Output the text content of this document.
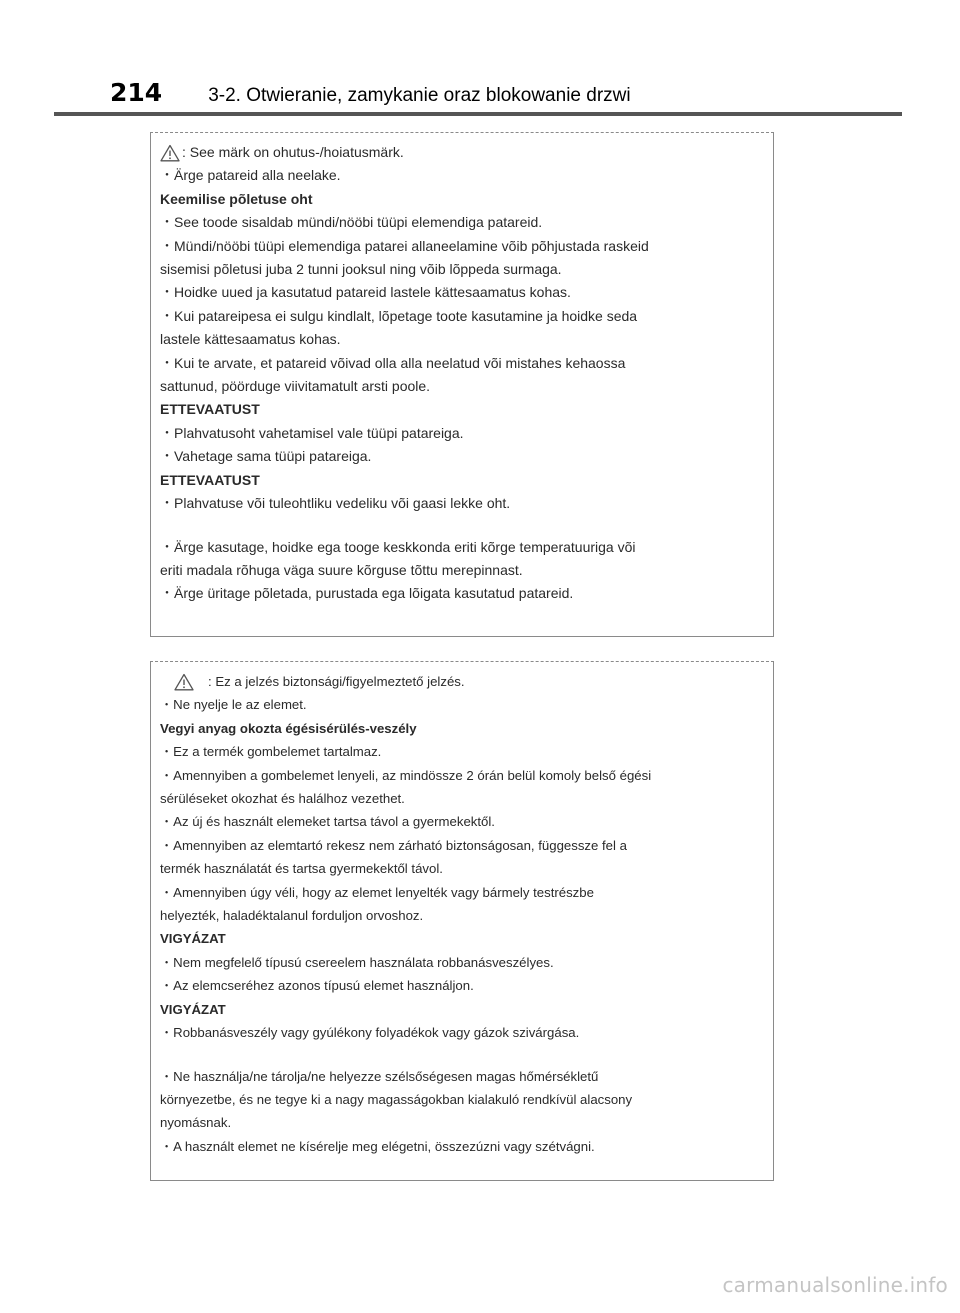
214 3-2. Otwieranie, zamykanie oraz blokowanie drzwi
: See märk on ohutus-/hoiatusmärk.
・Ärge patareid alla neelake.
Keemilise põletuse oht
・See toode sisaldab mündi/nööbi tüüpi elemendiga patareid.
・Mündi/nööbi tüüpi elemendiga patarei allaneelamine võib põhjustada raskeid
sisemisi põletusi juba 2 tunni jooksul ning võib lõppeda surmaga.
・Hoidke uued ja kasutatud patareid lastele kättesaamatus kohas.
・Kui patareipesa ei sulgu kindlalt, lõpetage toote kasutamine ja hoidke seda
lastele kättesaamatus kohas.
・Kui te arvate, et patareid võivad olla alla neelatud või mistahes kehaossa
sattunud, pöörduge viivitamatult arsti poole.
ETTEVAATUST
・Plahvatusoht vahetamisel vale tüüpi patareiga.
・Vahetage sama tüüpi patareiga.
ETTEVAATUST
・Plahvatuse või tuleohtliku vedeliku või gaasi lekke oht.
・Ärge kasutage, hoidke ega tooge keskkonda eriti kõrge temperatuuriga või
eriti madala rõhuga väga suure kõrguse tõttu merepinnast.
・Ärge üritage põletada, purustada ega lõigata kasutatud patareid.
: Ez a jelzés biztonsági/figyelmeztető jelzés.
・Ne nyelje le az elemet.
Vegyi anyag okozta égésisérülés-veszély
・Ez a termék gombelemet tartalmaz.
・Amennyiben a gombelemet lenyeli, az mindössze 2 órán belül komoly belső égési
sérüléseket okozhat és halálhoz vezethet.
・Az új és használt elemeket tartsa távol a gyermekektől.
・Amennyiben az elemtartó rekesz nem zárható biztonságosan, függessze fel a
termék használatát és tartsa gyermekektől távol.
・Amennyiben úgy véli, hogy az elemet lenyelték vagy bármely testrészbe
helyezték, haladéktalanul forduljon orvoshoz.
VIGYÁZAT
・Nem megfelelő típusú csereelem használata robbanásveszélyes.
・Az elemcseréhez azonos típusú elemet használjon.
VIGYÁZAT
・Robbanásveszély vagy gyúlékony folyadékok vagy gázok szivárgása.
・Ne használja/ne tárolja/ne helyezze szélsőségesen magas hőmérsékletű
környezetbe, és ne tegye ki a nagy magasságokban kialakuló rendkívül alacsony
nyomásnak.
・A használt elemet ne kísérelje meg elégetni, összezúzni vagy szétvágni.
carmanualsonline.info
